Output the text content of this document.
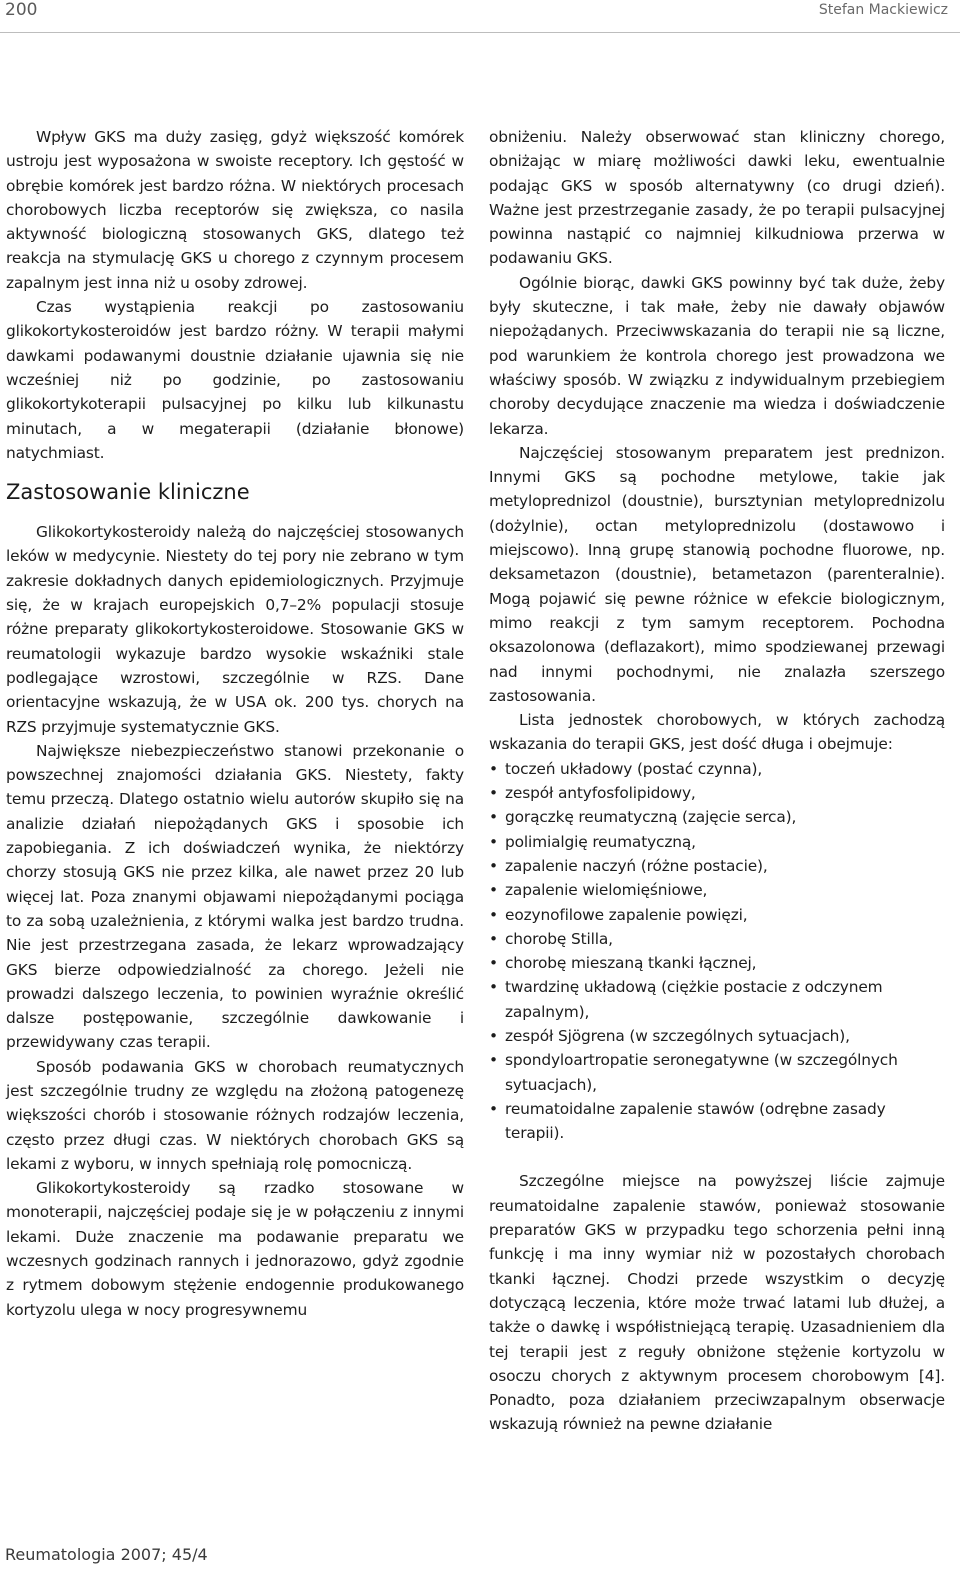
200	Stefan Mackiewicz

Wpływ GKS ma duży zasięg, gdyż większość komórek ustroju jest wyposażona w swoiste receptory. Ich gęstość w obrębie komórek jest bardzo różna. W niektórych procesach chorobowych liczba receptorów się zwiększa, co nasila aktywność biologiczną stosowanych GKS, dlatego też reakcja na stymulację GKS u chorego z czynnym procesem zapalnym jest inna niż u osoby zdrowej.

Czas wystąpienia reakcji po zastosowaniu glikokortykosteroidów jest bardzo różny. W terapii małymi dawkami podawanymi doustnie działanie ujawnia się nie wcześniej niż po godzinie, po zastosowaniu glikokortykoterapii pulsacyjnej po kilku lub kilkunastu minutach, a w megaterapii (działanie błonowe) natychmiast.

Zastosowanie kliniczne

Glikokortykosteroidy należą do najczęściej stosowanych leków w medycynie. Niestety do tej pory nie zebrano w tym zakresie dokładnych danych epidemiologicznych. Przyjmuje się, że w krajach europejskich 0,7–2% populacji stosuje różne preparaty glikokortykosteroidowe. Stosowanie GKS w reumatologii wykazuje bardzo wysokie wskaźniki stale podlegające wzrostowi, szczególnie w RZS. Dane orientacyjne wskazują, że w USA ok. 200 tys. chorych na RZS przyjmuje systematycznie GKS.

Największe niebezpieczeństwo stanowi przekonanie o powszechnej znajomości działania GKS. Niestety, fakty temu przeczą. Dlatego ostatnio wielu autorów skupiło się na analizie działań niepożądanych GKS i sposobie ich zapobiegania. Z ich doświadczeń wynika, że niektórzy chorzy stosują GKS nie przez kilka, ale nawet przez 20 lub więcej lat. Poza znanymi objawami niepożądanymi pociąga to za sobą uzależnienia, z którymi walka jest bardzo trudna. Nie jest przestrzegana zasada, że lekarz wprowadzający GKS bierze odpowiedzialność za chorego. Jeżeli nie prowadzi dalszego leczenia, to powinien wyraźnie określić dalsze postępowanie, szczególnie dawkowanie i przewidywany czas terapii.

Sposób podawania GKS w chorobach reumatycznych jest szczególnie trudny ze względu na złożoną patogenezę większości chorób i stosowanie różnych rodzajów leczenia, często przez długi czas. W niektórych chorobach GKS są lekami z wyboru, w innych spełniają rolę pomocniczą.

Glikokortykosteroidy są rzadko stosowane w monoterapii, najczęściej podaje się je w połączeniu z innymi lekami. Duże znaczenie ma podawanie preparatu we wczesnych godzinach rannych i jednorazowo, gdyż zgodnie z rytmem dobowym stężenie endogennie produkowanego kortyzolu ulega w nocy progresywnemu

obniżeniu. Należy obserwować stan kliniczny chorego, obniżając w miarę możliwości dawki leku, ewentualnie podając GKS w sposób alternatywny (co drugi dzień). Ważne jest przestrzeganie zasady, że po terapii pulsacyjnej powinna nastąpić co najmniej kilkudniowa przerwa w podawaniu GKS.

Ogólnie biorąc, dawki GKS powinny być tak duże, żeby były skuteczne, i tak małe, żeby nie dawały objawów niepożądanych. Przeciwwskazania do terapii nie są liczne, pod warunkiem że kontrola chorego jest prowadzona we właściwy sposób. W związku z indywidualnym przebiegiem choroby decydujące znaczenie ma wiedza i doświadczenie lekarza.

Najczęściej stosowanym preparatem jest prednizon. Innymi GKS są pochodne metylowe, takie jak metyloprednizol (doustnie), bursztynian metyloprednizolu (dożylnie), octan metyloprednizolu (dostawowo i miejscowo). Inną grupę stanowią pochodne fluorowe, np. deksametazon (doustnie), betametazon (parenteralnie). Mogą pojawić się pewne różnice w efekcie biologicznym, mimo reakcji z tym samym receptorem. Pochodna oksazolonowa (deflazakort), mimo spodziewanej przewagi nad innymi pochodnymi, nie znalazła szerszego zastosowania.

Lista jednostek chorobowych, w których zachodzą wskazania do terapii GKS, jest dość długa i obejmuje:

• toczeń układowy (postać czynna),
• zespół antyfosfolipidowy,
• gorączkę reumatyczną (zajęcie serca),
• polimialgię reumatyczną,
• zapalenie naczyń (różne postacie),
• zapalenie wielomięśniowe,
• eozynofilowe zapalenie powięzi,
• chorobę Stilla,
• chorobę mieszaną tkanki łącznej,
• twardzinę układową (ciężkie postacie z odczynem zapalnym),
• zespół Sjögrena (w szczególnych sytuacjach),
• spondyloartropatie seronegatywne (w szczególnych sytuacjach),
• reumatoidalne zapalenie stawów (odrębne zasady terapii).

Szczególne miejsce na powyższej liście zajmuje reumatoidalne zapalenie stawów, ponieważ stosowanie preparatów GKS w przypadku tego schorzenia pełni inną funkcję i ma inny wymiar niż w pozostałych chorobach tkanki łącznej. Chodzi przede wszystkim o decyzję dotyczącą leczenia, które może trwać latami lub dłużej, a także o dawkę i współistniejącą terapię. Uzasadnieniem dla tej terapii jest z reguły obniżone stężenie kortyzolu w osoczu chorych z aktywnym procesem chorobowym [4]. Ponadto, poza działaniem przeciwzapalnym obserwacje wskazują również na pewne działanie

Reumatologia 2007; 45/4
